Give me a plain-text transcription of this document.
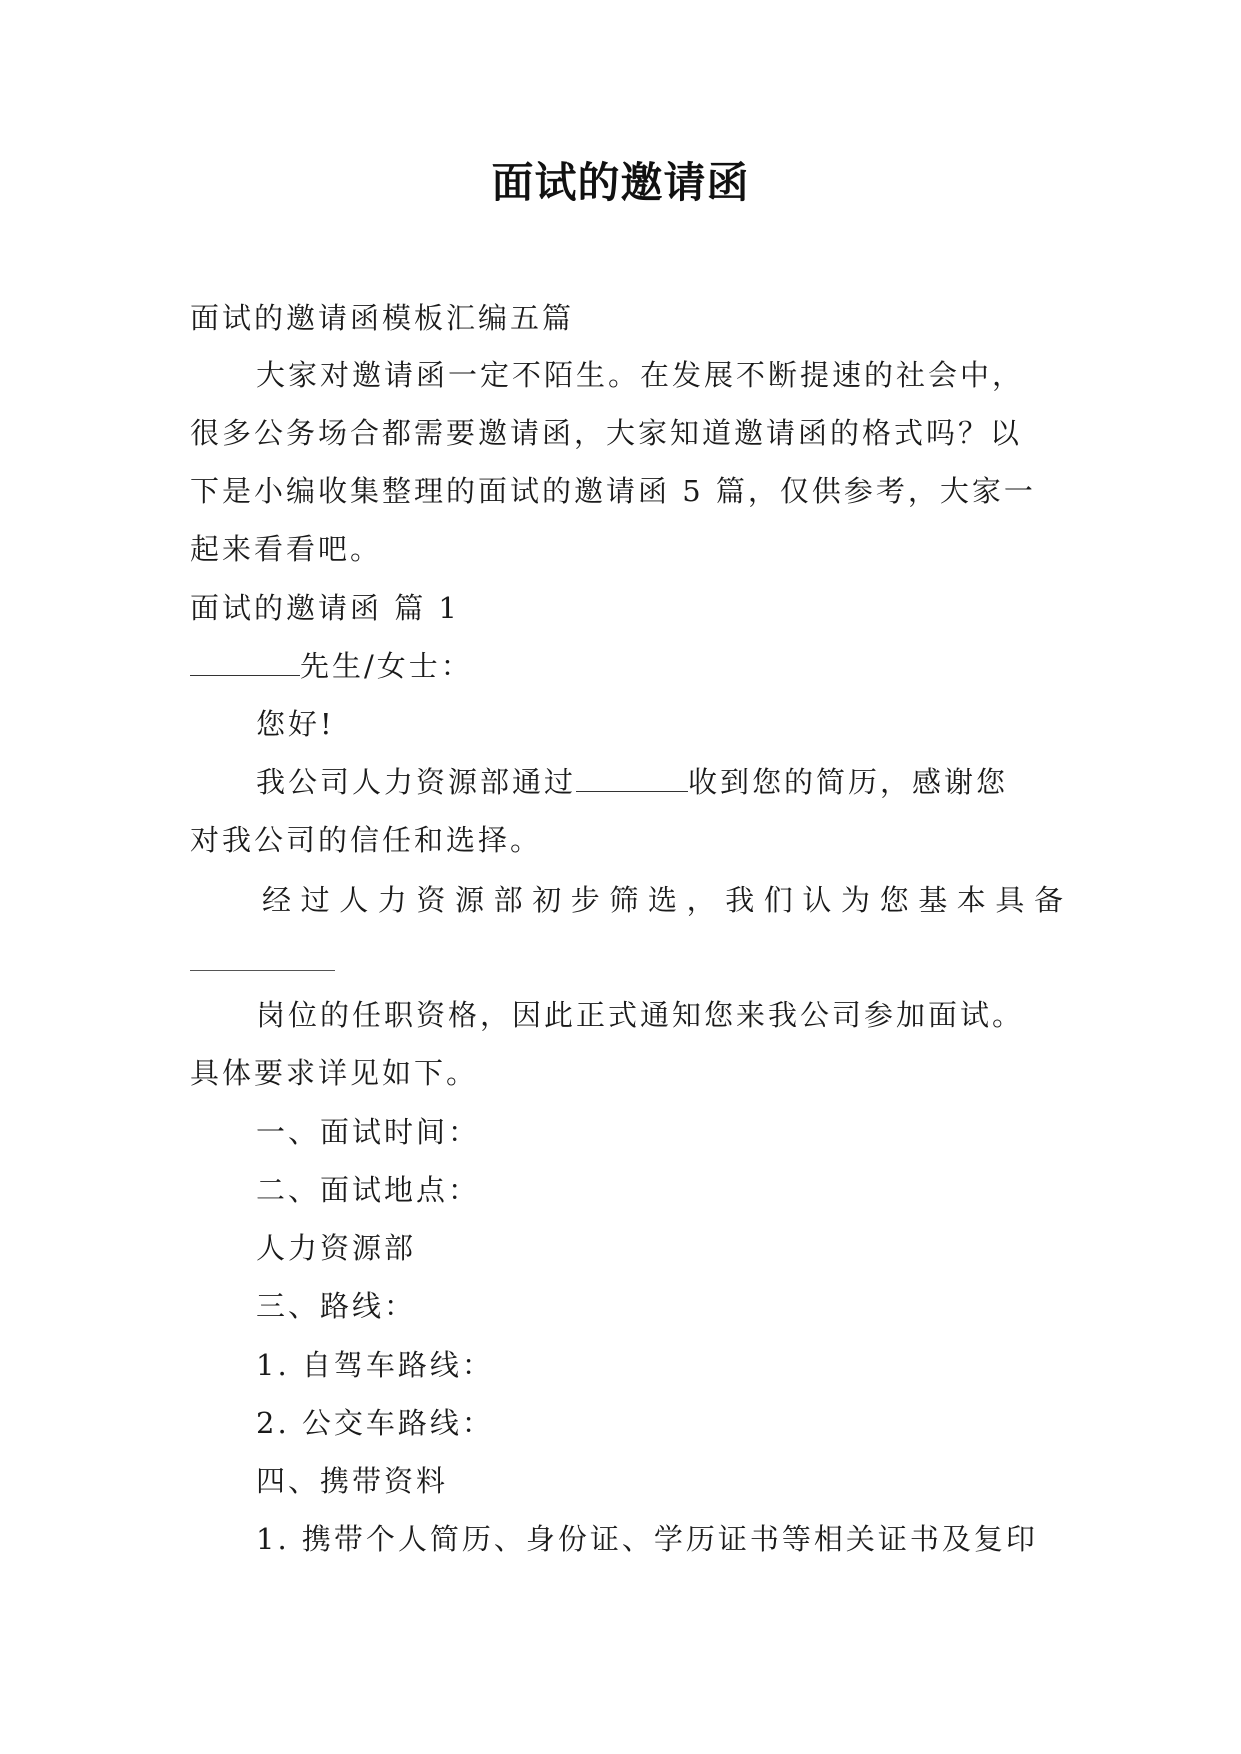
面试的邀请函
面试的邀请函模板汇编五篇
大家对邀请函一定不陌生。在发展不断提速的社会中，
很多公务场合都需要邀请函，大家知道邀请函的格式吗？以
下是小编收集整理的面试的邀请函 5 篇，仅供参考，大家一
起来看看吧。
面试的邀请函 篇 1
先生/女士：
您好!
我公司人力资源部通过	收到您的简历，感谢您
对我公司的信任和选择。
经过人力资源部初步筛选，我们认为您基本具备
岗位的任职资格，因此正式通知您来我公司参加面试。
具体要求详见如下。
一、面试时间：
二、面试地点：
人力资源部
三、路线：
1. 自驾车路线：
2. 公交车路线：
四、携带资料
1. 携带个人简历、身份证、学历证书等相关证书及复印
